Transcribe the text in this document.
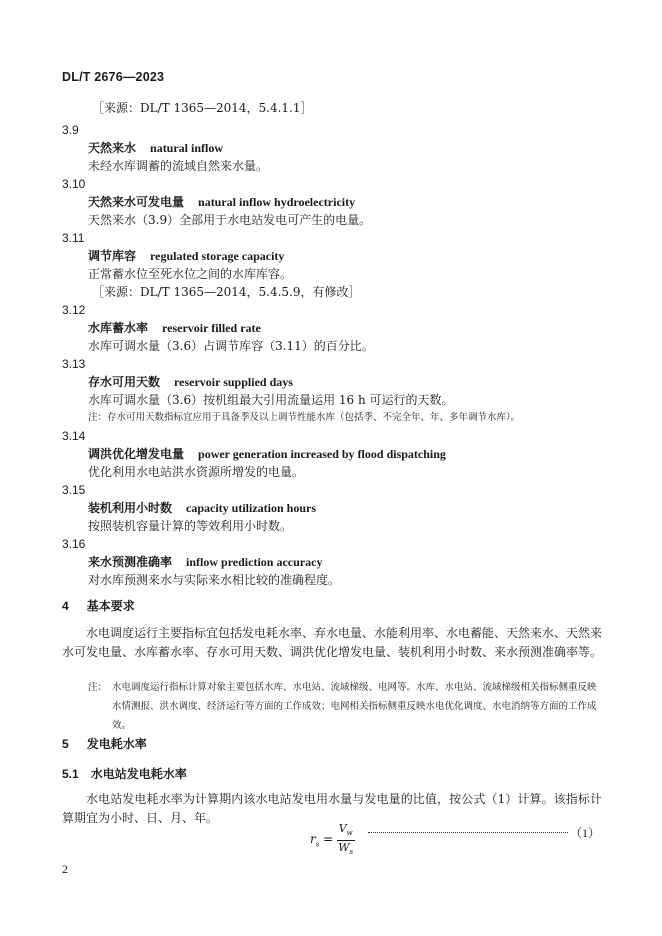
DL/T 2676—2023
［来源：DL/T 1365—2014，5.4.1.1］
3.9
天然来水 natural inflow
未经水库调蓄的流域自然来水量。
3.10
天然来水可发电量 natural inflow hydroelectricity
天然来水（3.9）全部用于水电站发电可产生的电量。
3.11
调节库容 regulated storage capacity
正常蓄水位至死水位之间的水库库容。
［来源：DL/T 1365—2014，5.4.5.9，有修改］
3.12
水库蓄水率 reservoir filled rate
水库可调水量（3.6）占调节库容（3.11）的百分比。
3.13
存水可用天数 reservoir supplied days
水库可调水量（3.6）按机组最大引用流量运用 16 h 可运行的天数。
注：存水可用天数指标宜应用于具备季及以上调节性能水库（包括季、不完全年、年、多年调节水库）。
3.14
调洪优化增发电量 power generation increased by flood dispatching
优化利用水电站洪水资源所增发的电量。
3.15
装机利用小时数 capacity utilization hours
按照装机容量计算的等效利用小时数。
3.16
来水预测准确率 inflow prediction accuracy
对水库预测来水与实际来水相比较的准确程度。
4 基本要求
水电调度运行主要指标宜包括发电耗水率、弃水电量、水能利用率、水电蓄能、天然来水、天然来水可发电量、水库蓄水率、存水可用天数、调洪优化增发电量、装机利用小时数、来水预测准确率等。
注： 水电调度运行指标计算对象主要包括水库、水电站、流域梯级、电网等。水库、水电站、流域梯级相关指标侧重反映水情测报、洪水调度、经济运行等方面的工作成效；电网相关指标侧重反映水电优化调度、水电消纳等方面的工作成效。
5 发电耗水率
5.1 水电站发电耗水率
水电站发电耗水率为计算期内该水电站发电用水量与发电量的比值，按公式（1）计算。该指标计算期宜为小时、日、月、年。
$r_s = \frac{V_w}{W_s}$	（1）
2
